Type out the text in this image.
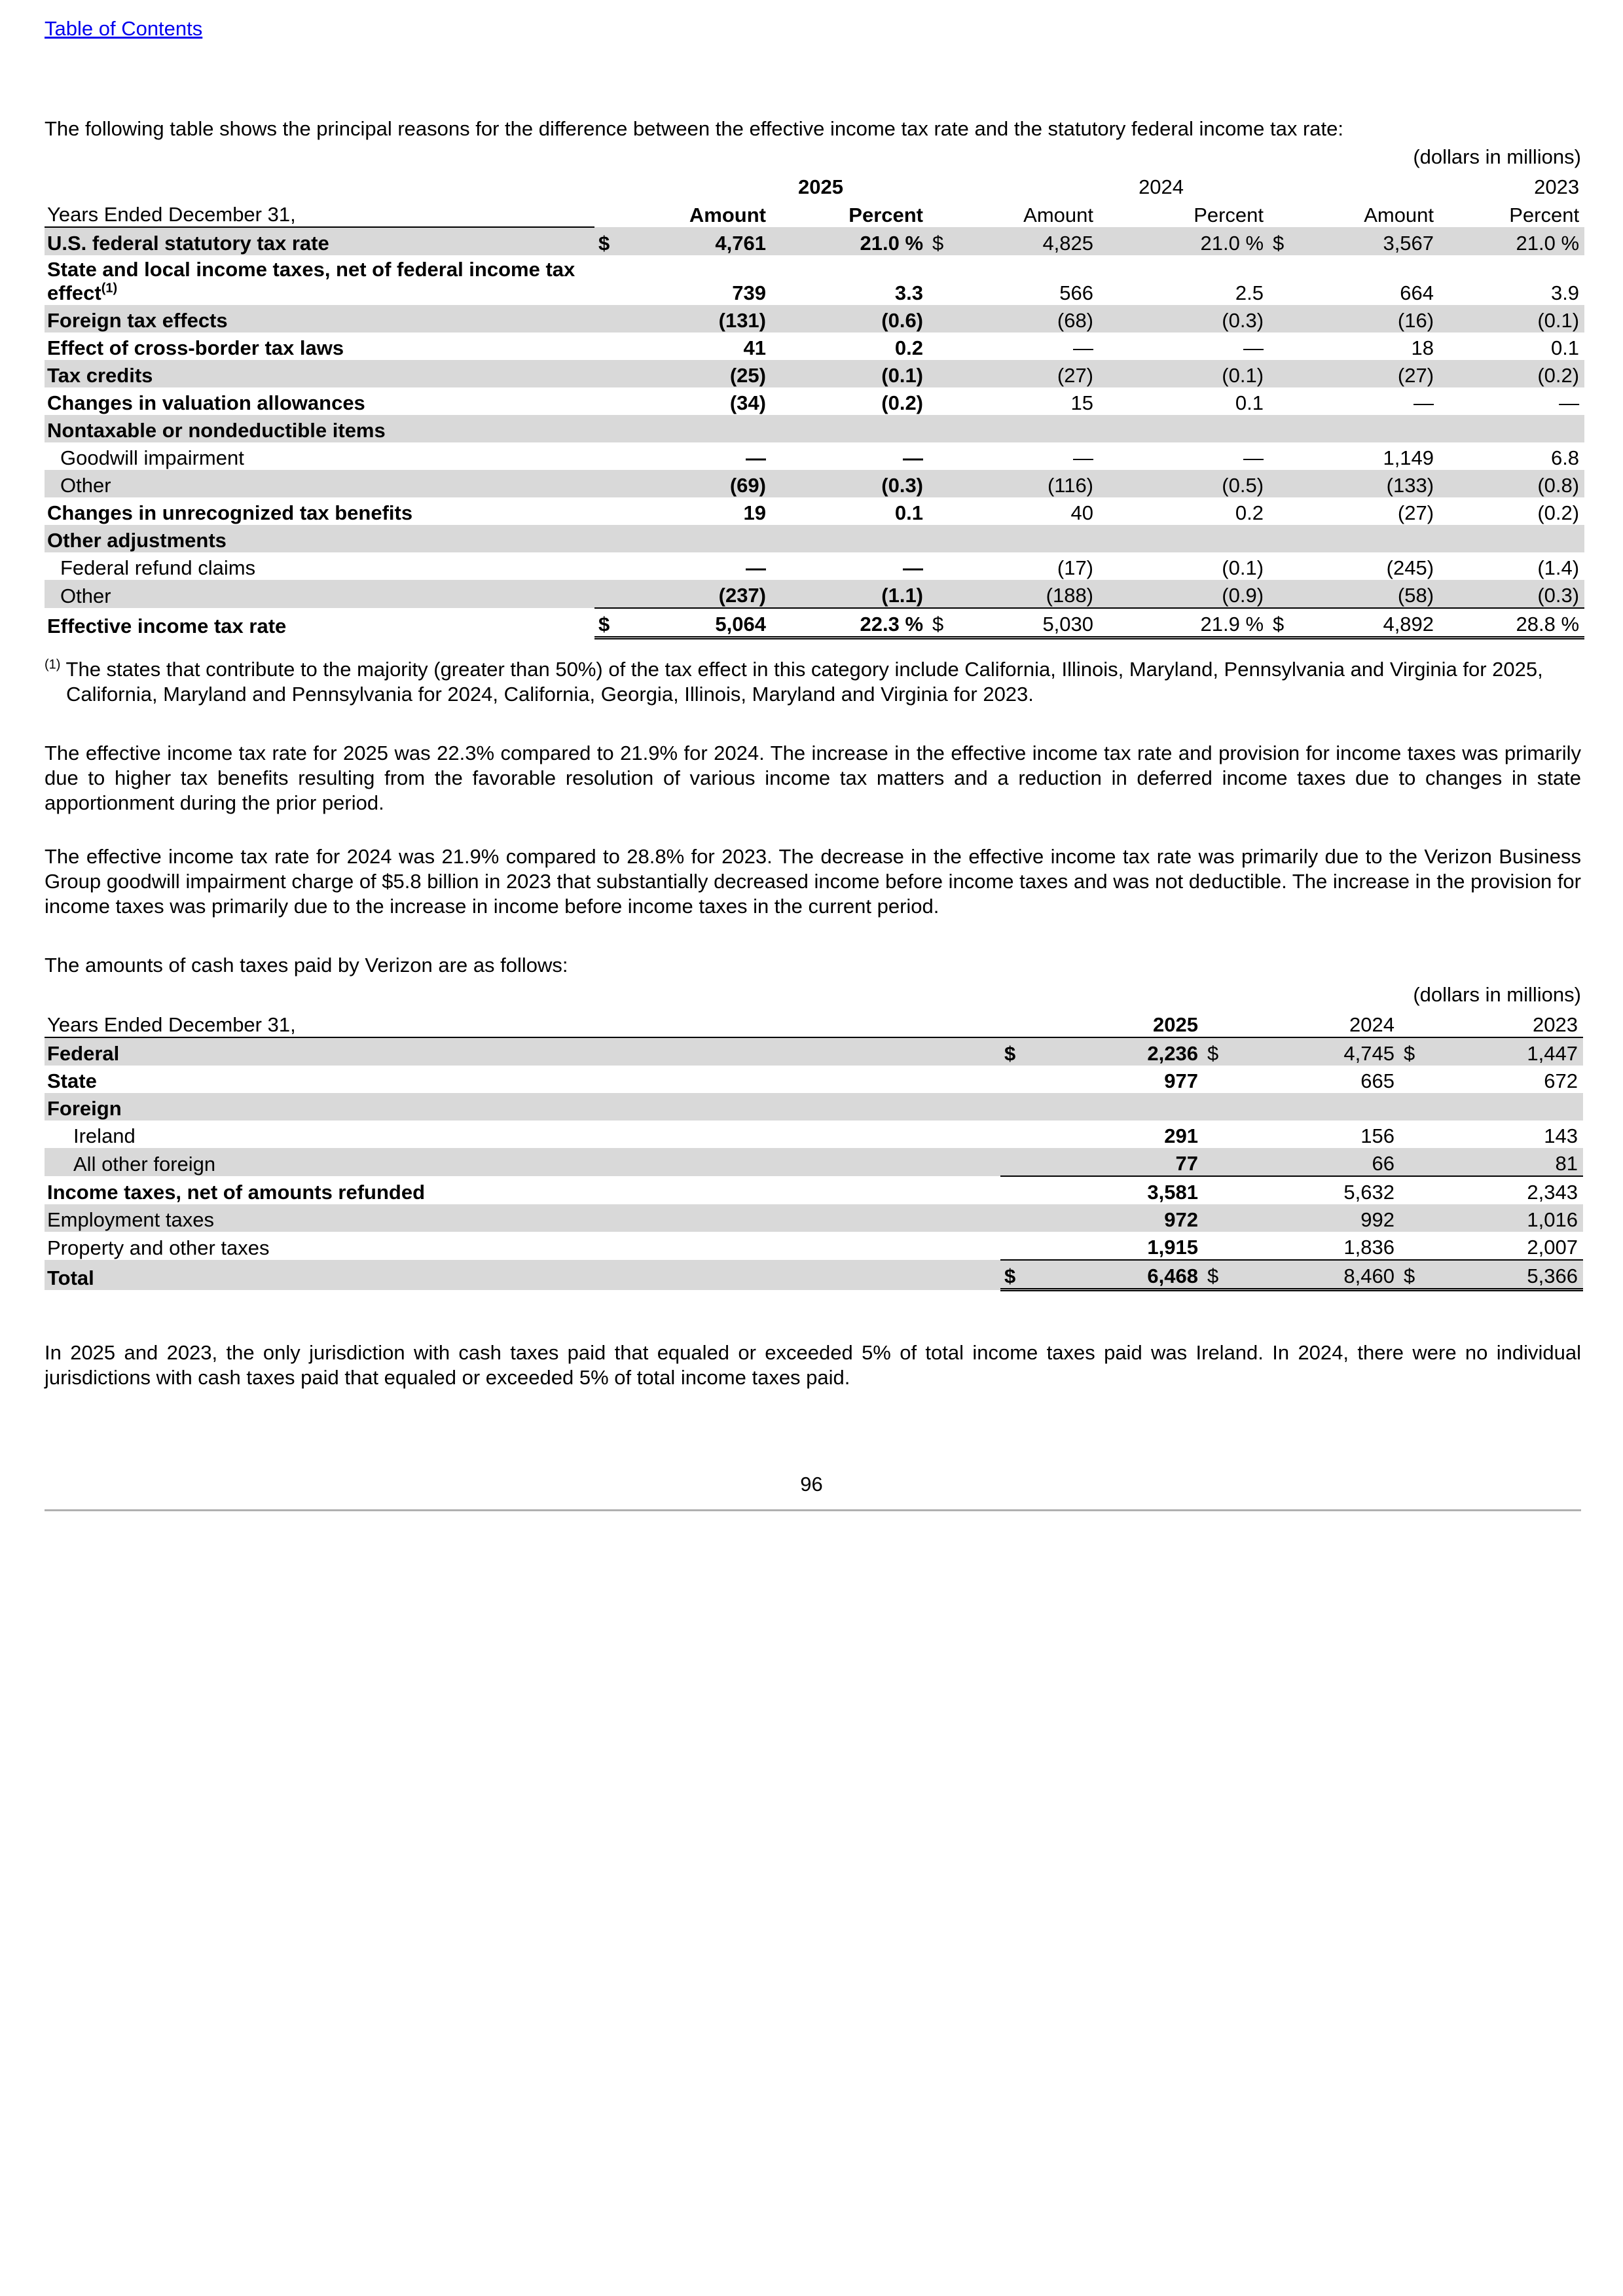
Table of Contents

The following table shows the principal reasons for the difference between the effective income tax rate and the statutory federal income tax rate:

(dollars in millions)
	2025			2024			2023		
Years Ended December 31,		Amount	Percent		Amount	Percent		Amount	Percent
U.S. federal statutory tax rate	$	4,761	21.0 %	$	4,825	21.0 %	$	3,567	21.0 %
State and local income taxes, net of federal income tax effect$^{(1)}$		739	3.3		566	2.5		664	3.9
Foreign tax effects		(131)	(0.6)		(68)	(0.3)		(16)	(0.1)
Effect of cross-border tax laws		41	0.2		—	—		18	0.1
Tax credits		(25)	(0.1)		(27)	(0.1)		(27)	(0.2)
Changes in valuation allowances		(34)	(0.2)		15	0.1		—	—
Nontaxable or nondeductible items									
Goodwill impairment		—	—		—	—		1,149	6.8
Other		(69)	(0.3)		(116)	(0.5)		(133)	(0.8)
Changes in unrecognized tax benefits		19	0.1		40	0.2		(27)	(0.2)
Other adjustments									
Federal refund claims		—	—		(17)	(0.1)		(245)	(1.4)
Other		(237)	(1.1)		(188)	(0.9)		(58)	(0.3)
Effective income tax rate	$	5,064	22.3 %	$	5,030	21.9 %	$	4,892	28.8 %

$^{(1)}$ The states that contribute to the majority (greater than 50%) of the tax effect in this category include California, Illinois, Maryland, Pennsylvania and Virginia for 2025, California, Maryland and Pennsylvania for 2024, California, Georgia, Illinois, Maryland and Virginia for 2023.

The effective income tax rate for 2025 was 22.3% compared to 21.9% for 2024. The increase in the effective income tax rate and provision for income taxes was primarily due to higher tax benefits resulting from the favorable resolution of various income tax matters and a reduction in deferred income taxes due to changes in state apportionment during the prior period.

The effective income tax rate for 2024 was 21.9% compared to 28.8% for 2023. The decrease in the effective income tax rate was primarily due to the Verizon Business Group goodwill impairment charge of $5.8 billion in 2023 that substantially decreased income before income taxes and was not deductible. The increase in the provision for income taxes was primarily due to the increase in income before income taxes in the current period.

The amounts of cash taxes paid by Verizon are as follows:

(dollars in millions)
Years Ended December 31,		2025		2024		2023
Federal	$	2,236	$	4,745	$	1,447
State		977		665		672
Foreign						
Ireland		291		156		143
All other foreign		77		66		81
Income taxes, net of amounts refunded		3,581		5,632		2,343
Employment taxes		972		992		1,016
Property and other taxes		1,915		1,836		2,007
Total	$	6,468	$	8,460	$	5,366

In 2025 and 2023, the only jurisdiction with cash taxes paid that equaled or exceeded 5% of total income taxes paid was Ireland. In 2024, there were no individual jurisdictions with cash taxes paid that equaled or exceeded 5% of total income taxes paid.

96
